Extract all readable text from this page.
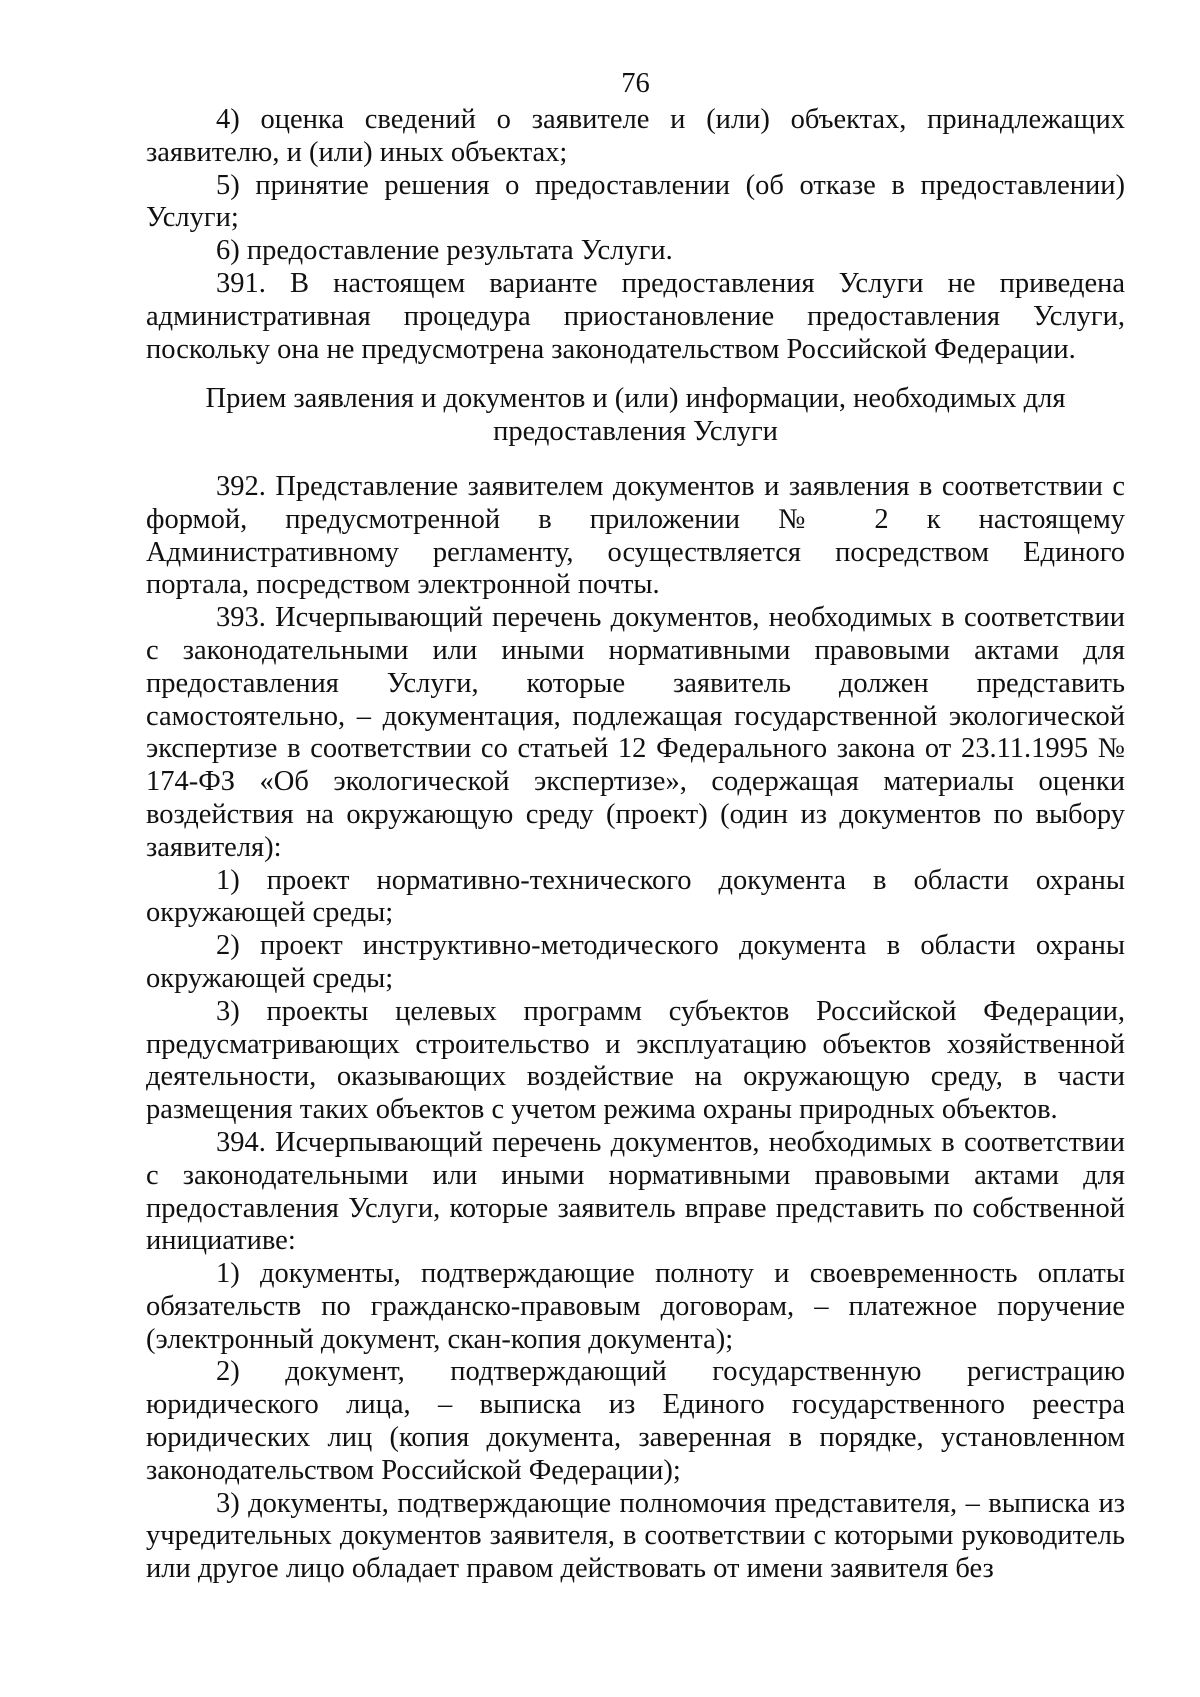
76

4) оценка сведений о заявителе и (или) объектах, принадлежащих заявителю, и (или) иных объектах;

5) принятие решения о предоставлении (об отказе в предоставлении) Услуги;

6) предоставление результата Услуги.

391. В настоящем варианте предоставления Услуги не приведена административная процедура приостановление предоставления Услуги, поскольку она не предусмотрена законодательством Российской Федерации.

Прием заявления и документов и (или) информации, необходимых для предоставления Услуги

392. Представление заявителем документов и заявления в соответствии с формой, предусмотренной в приложении № 2 к настоящему Административному регламенту, осуществляется посредством Единого портала, посредством электронной почты.

393. Исчерпывающий перечень документов, необходимых в соответствии с законодательными или иными нормативными правовыми актами для предоставления Услуги, которые заявитель должен представить самостоятельно, – документация, подлежащая государственной экологической экспертизе в соответствии со статьей 12 Федерального закона от 23.11.1995 № 174-ФЗ «Об экологической экспертизе», содержащая материалы оценки воздействия на окружающую среду (проект) (один из документов по выбору заявителя):

1) проект нормативно-технического документа в области охраны окружающей среды;

2) проект инструктивно-методического документа в области охраны окружающей среды;

3) проекты целевых программ субъектов Российской Федерации, предусматривающих строительство и эксплуатацию объектов хозяйственной деятельности, оказывающих воздействие на окружающую среду, в части размещения таких объектов с учетом режима охраны природных объектов.

394. Исчерпывающий перечень документов, необходимых в соответствии с законодательными или иными нормативными правовыми актами для предоставления Услуги, которые заявитель вправе представить по собственной инициативе:

1) документы, подтверждающие полноту и своевременность оплаты обязательств по гражданско-правовым договорам, – платежное поручение (электронный документ, скан-копия документа);

2) документ, подтверждающий государственную регистрацию юридического лица, – выписка из Единого государственного реестра юридических лиц (копия документа, заверенная в порядке, установленном законодательством Российской Федерации);

3) документы, подтверждающие полномочия представителя, – выписка из учредительных документов заявителя, в соответствии с которыми руководитель или другое лицо обладает правом действовать от имени заявителя без
